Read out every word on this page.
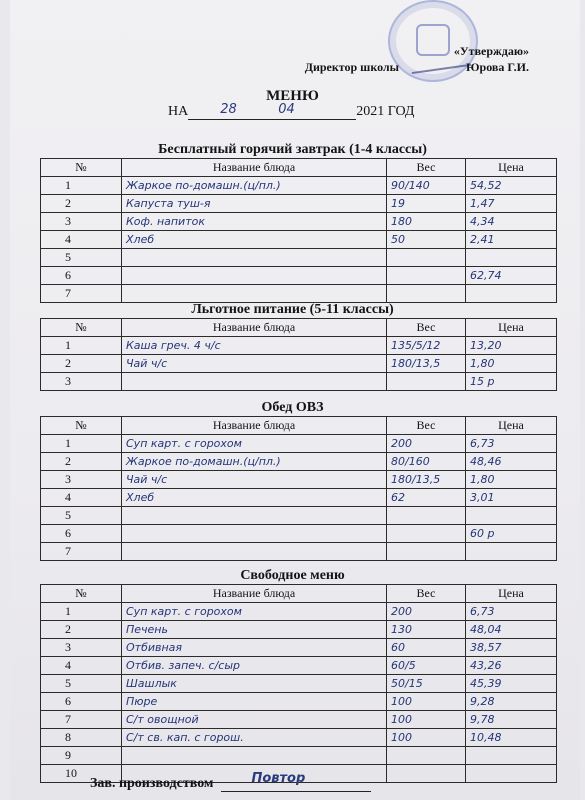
«Утверждаю»
Директор школы	Юрова Г.И.
МЕНЮ
НА 28	04	2021 ГОД
Бесплатный горячий завтрак (1-4 классы)
№	Название блюда	Вес	Цена
1	Жаркое по-домашн.(ц/пл.)	90/140	54,52
2	Капуста туш-я	19	1,47
3	Коф. напиток	180	4,34
4	Хлеб	50	2,41
5			
6			62,74
7			
Льготное питание (5-11 классы)
№	Название блюда	Вес	Цена
1	Каша греч. 4 ч/с	135/5/12	13,20
2	Чай ч/с	180/13,5	1,80
3			15 р
Обед ОВЗ
№	Название блюда	Вес	Цена
1	Суп карт. с горохом	200	6,73
2	Жаркое по-домашн.(ц/пл.)	80/160	48,46
3	Чай ч/с	180/13,5	1,80
4	Хлеб	62	3,01
5			
6			60 р
7			
Свободное меню
№	Название блюда	Вес	Цена
1	Суп карт. с горохом	200	6,73
2	Печень	130	48,04
3	Отбивная	60	38,57
4	Отбив. запеч. с/сыр	60/5	43,26
5	Шашлык	50/15	45,39
6	Пюре	100	9,28
7	С/т овощной	100	9,78
8	С/т св. кап. с горош.	100	10,48
9			
10			
Зав. производством	Повтор
